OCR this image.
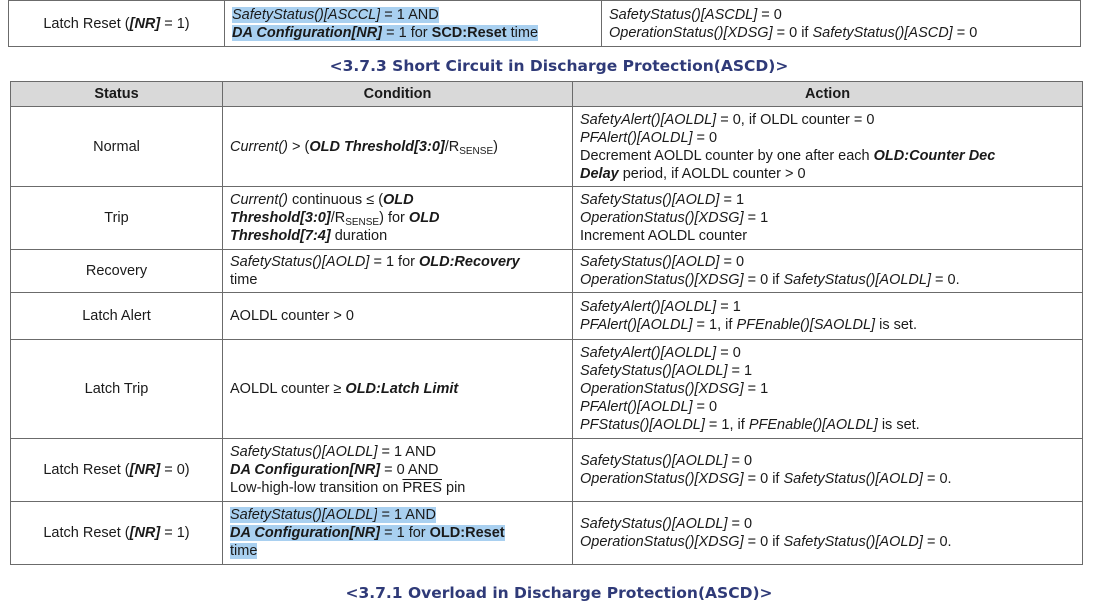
Latch Reset ([NR] = 1)	SafetyStatus()[ASCCL] = 1 AND
DA Configuration[NR] = 1 for SCD:Reset time	SafetyStatus()[ASCDL] = 0
OperationStatus()[XDSG] = 0 if SafetyStatus()[ASCD] = 0
<3.7.3 Short Circuit in Discharge Protection(ASCD)>
Status	Condition	Action
Normal	Current() > (OLD $Threshold[3:0]/R_{SENSE}$)	SafetyAlert()[AOLDL] = 0, if OLDL counter = 0
PFAlert()[AOLDL] = 0
Decrement AOLDL counter by one after each OLD:Counter Dec
Delay period, if AOLDL counter > 0
Trip	Current() continuous ≤ (OLD
$Threshold[3:0]/R_{SENSE}$) for OLD
Threshold[7:4] duration	SafetyStatus()[AOLD] = 1
OperationStatus()[XDSG] = 1
Increment AOLDL counter
Recovery	SafetyStatus()[AOLD] = 1 for OLD:Recovery
time	SafetyStatus()[AOLD] = 0
OperationStatus()[XDSG] = 0 if SafetyStatus()[AOLDL] = 0.
Latch Alert	AOLDL counter > 0	SafetyAlert()[AOLDL] = 1
PFAlert()[AOLDL] = 1, if PFEnable()[SAOLDL] is set.
Latch Trip	AOLDL counter ≥ OLD:Latch Limit	SafetyAlert()[AOLDL] = 0
SafetyStatus()[AOLDL] = 1
OperationStatus()[XDSG] = 1
PFAlert()[AOLDL] = 0
PFStatus()[AOLDL] = 1, if PFEnable()[AOLDL] is set.
Latch Reset ([NR] = 0)	SafetyStatus()[AOLDL] = 1 AND
DA Configuration[NR] = 0 AND
Low-high-low transition on PRES pin	SafetyStatus()[AOLDL] = 0
OperationStatus()[XDSG] = 0 if SafetyStatus()[AOLD] = 0.
Latch Reset ([NR] = 1)	SafetyStatus()[AOLDL] = 1 AND
DA Configuration[NR] = 1 for OLD:Reset
time	SafetyStatus()[AOLDL] = 0
OperationStatus()[XDSG] = 0 if SafetyStatus()[AOLD] = 0.
<3.7.1 Overload in Discharge Protection(ASCD)>
